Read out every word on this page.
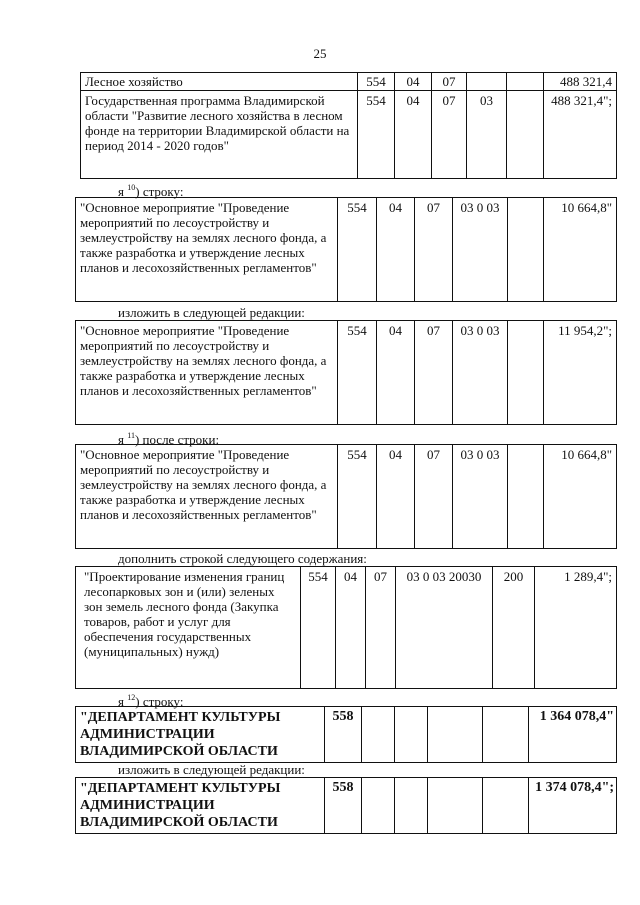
25
Лесное хозяйство	554	04	07			488 321,4
Государственная программа Владимирской области "Развитие лесного хозяйства в лесном фонде на территории Владимирской области на период 2014 - 2020 годов"	554	04	07	03		488 321,4";
я $^{10}$) строку:
"Основное мероприятие "Проведение мероприятий по лесоустройству и землеустройству на землях лесного фонда, а также разработка и утверждение лесных планов и лесохозяйственных регламентов"	554	04	07	03 0 03		10 664,8"
изложить в следующей редакции:
"Основное мероприятие "Проведение мероприятий по лесоустройству и землеустройству на землях лесного фонда, а также разработка и утверждение лесных планов и лесохозяйственных регламентов"	554	04	07	03 0 03		11 954,2";
я $^{11}$) после строки:
"Основное мероприятие "Проведение мероприятий по лесоустройству и землеустройству на землях лесного фонда, а также разработка и утверждение лесных планов и лесохозяйственных регламентов"	554	04	07	03 0 03		10 664,8"
дополнить строкой следующего содержания:
"Проектирование изменения границ лесопарковых зон и (или) зеленых зон земель лесного фонда (Закупка товаров, работ и услуг для обеспечения государственных (муниципальных) нужд)	554	04	07	03 0 03 20030	200	1 289,4";
я $^{12}$) строку:
"ДЕПАРТАМЕНТ КУЛЬТУРЫ АДМИНИСТРАЦИИ ВЛАДИМИРСКОЙ ОБЛАСТИ	558					1 364 078,4"
изложить в следующей редакции:
"ДЕПАРТАМЕНТ КУЛЬТУРЫ АДМИНИСТРАЦИИ ВЛАДИМИРСКОЙ ОБЛАСТИ	558					1 374 078,4";
